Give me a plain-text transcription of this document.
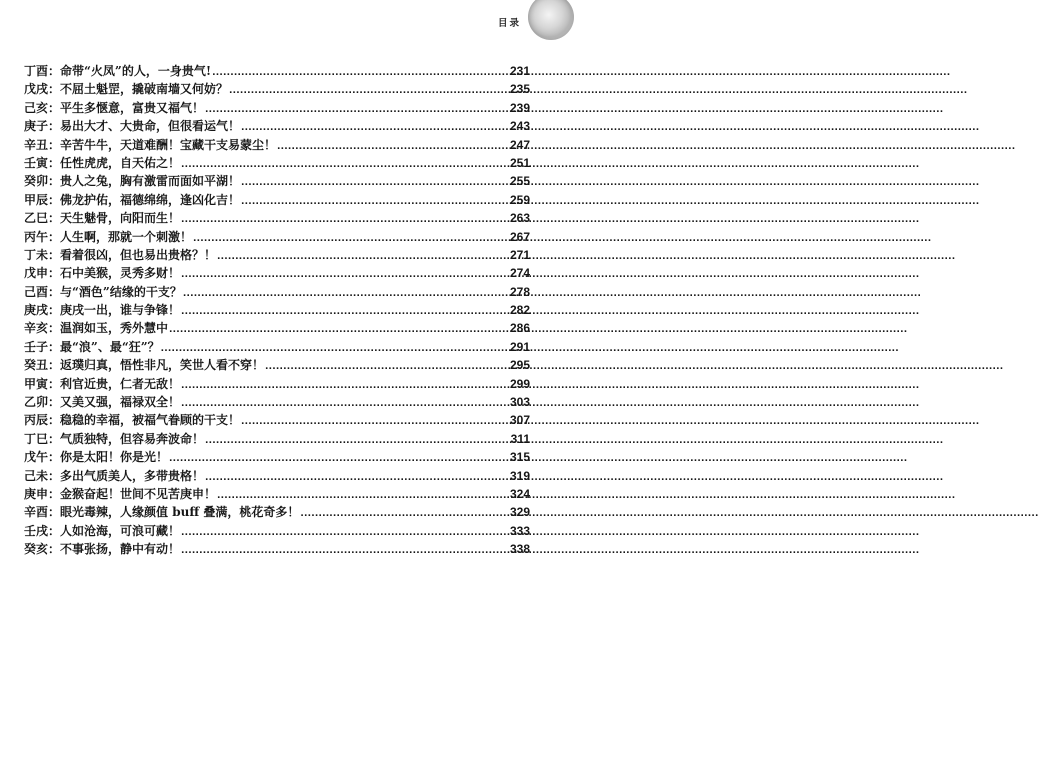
目录
丁酉 ： 命带“火凤”的人，一身贵气! .....	231
戊戌 ： 不屈土魁罡，撬破南墙又何妨？ .....	235
己亥 ： 平生多惬意，富贵又福气！ .....	239
庚子 ： 易出大才、大贵命，但很看运气！ .....	243
辛丑 ： 辛苦牛牛，天道难酬！宝藏干支易蒙尘！ .....	247
壬寅 ： 任性虎虎，自天佑之！ .....	251
癸卯 ： 贵人之兔，胸有激雷而面如平湖！ .....	255
甲辰 ： 佛龙护佑，福德绵绵，逢凶化吉！ .....	259
乙巳 ： 天生魅骨，向阳而生！ .....	263
丙午 ： 人生啊，那就一个刺激！ .....	267
丁未 ： 看着很凶，但也易出贵格？！ .....	271
戊申 ： 石中美猴，灵秀多财！ .....	274
己酉 ： 与“酒色”结缘的干支？ .....	278
庚戌 ： 庚戌一出，谁与争锋！ .....	282
辛亥 ： 温润如玉，秀外慧中 .....	286
壬子 ： 最“浪”、最“狂”？ .....	291
癸丑 ： 返璞归真，悟性非凡，笑世人看不穿！ .....	295
甲寅 ： 利官近贵，仁者无敌！ .....	299
乙卯 ： 又美又强，福禄双全！ .....	303
丙辰 ： 稳稳的幸福，被福气眷顾的干支！ .....	307
丁巳 ： 气质独特，但容易奔波命！ .....	311
戊午 ： 你是太阳！你是光！ .....	315
己未 ： 多出气质美人，多带贵格！ .....	319
庚申 ： 金猴奋起！世间不见苦庚申！ .....	324
辛酉 ： 眼光毒辣，人缘颜值 buff 叠满，桃花奇多！ .....	329
壬戌 ： 人如沧海，可浪可藏！ .....	333
癸亥 ： 不事张扬，静中有动！ .....	338
